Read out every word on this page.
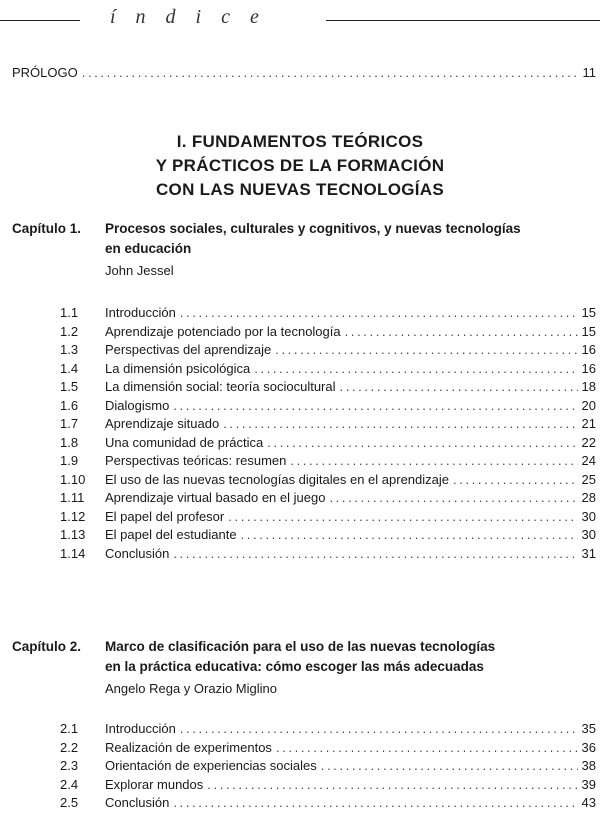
índice
PRÓLOGO . . .	11
I. FUNDAMENTOS TEÓRICOS
Y PRÁCTICOS DE LA FORMACIÓN
CON LAS NUEVAS TECNOLOGÍAS
Capítulo 1. Procesos sociales, culturales y cognitivos, y nuevas tecnologías
en educación
John Jessel
1.1	Introducción . . .	15
1.2	Aprendizaje potenciado por la tecnología . . .	15
1.3	Perspectivas del aprendizaje . . .	16
1.4	La dimensión psicológica . . .	16
1.5	La dimensión social: teoría sociocultural . . .	18
1.6	Dialogismo . . .	20
1.7	Aprendizaje situado . . .	21
1.8	Una comunidad de práctica . . .	22
1.9	Perspectivas teóricas: resumen . . .	24
1.10	El uso de las nuevas tecnologías digitales en el aprendizaje . . .	25
1.11	Aprendizaje virtual basado en el juego . . .	28
1.12	El papel del profesor . . .	30
1.13	El papel del estudiante . . .	30
1.14	Conclusión . . .	31
Capítulo 2. Marco de clasificación para el uso de las nuevas tecnologías
en la práctica educativa: cómo escoger las más adecuadas
Angelo Rega y Orazio Miglino
2.1	Introducción . . .	35
2.2	Realización de experimentos . . .	36
2.3	Orientación de experiencias sociales . . .	38
2.4	Explorar mundos . . .	39
2.5	Conclusión . . .	43
